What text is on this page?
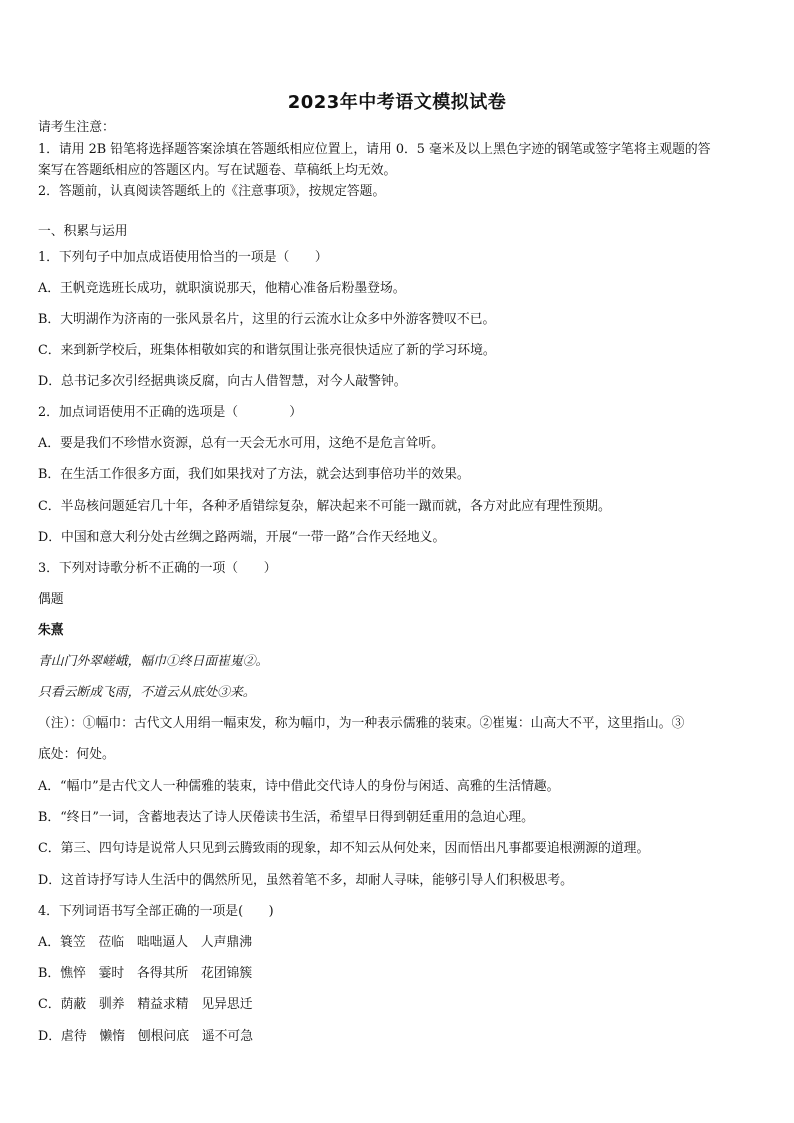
2023年中考语文模拟试卷
请考生注意：
1．请用 2B 铅笔将选择题答案涂填在答题纸相应位置上，请用 0．5 毫米及以上黑色字迹的钢笔或签字笔将主观题的答
案写在答题纸相应的答题区内。写在试题卷、草稿纸上均无效。
2．答题前，认真阅读答题纸上的《注意事项》，按规定答题。
一、积累与运用
1．下列句子中加点成语使用恰当的一项是（　　）
A．王帆竞选班长成功，就职演说那天，他精心准备后粉墨登场。
B．大明湖作为济南的一张风景名片，这里的行云流水让众多中外游客赞叹不已。
C．来到新学校后，班集体相敬如宾的和谐氛围让张亮很快适应了新的学习环境。
D．总书记多次引经据典谈反腐，向古人借智慧，对今人敲警钟。
2．加点词语使用不正确的选项是（　　　　）
A．要是我们不珍惜水资源，总有一天会无水可用，这绝不是危言耸听。
B．在生活工作很多方面，我们如果找对了方法，就会达到事倍功半的效果。
C．半岛核问题延宕几十年，各种矛盾错综复杂，解决起来不可能一蹴而就，各方对此应有理性预期。
D．中国和意大利分处古丝绸之路两端，开展“一带一路”合作天经地义。
3．下列对诗歌分析不正确的一项（　　）
偶题
朱熹
青山门外翠嵯峨，幅巾①终日面崔嵬②。
只看云断成飞雨，不道云从底处③来。
（注）：①幅巾：古代文人用绢一幅束发，称为幅巾，为一种表示儒雅的装束。②崔嵬：山高大不平，这里指山。③
底处：何处。
A．“幅巾”是古代文人一种儒雅的装束，诗中借此交代诗人的身份与闲适、高雅的生活情趣。
B．“终日”一词，含蓄地表达了诗人厌倦读书生活，希望早日得到朝廷重用的急迫心理。
C．第三、四句诗是说常人只见到云腾致雨的现象，却不知云从何处来，因而悟出凡事都要追根溯源的道理。
D．这首诗抒写诗人生活中的偶然所见，虽然着笔不多，却耐人寻味，能够引导人们积极思考。
4．下列词语书写全部正确的一项是(　　)
A．簑笠　莅临　咄咄逼人　人声鼎沸
B．憔悴　霎时　各得其所　花团锦簇
C．荫蔽　驯养　精益求精　见异思迁
D．虐待　懒惰　刨根问底　遥不可急
